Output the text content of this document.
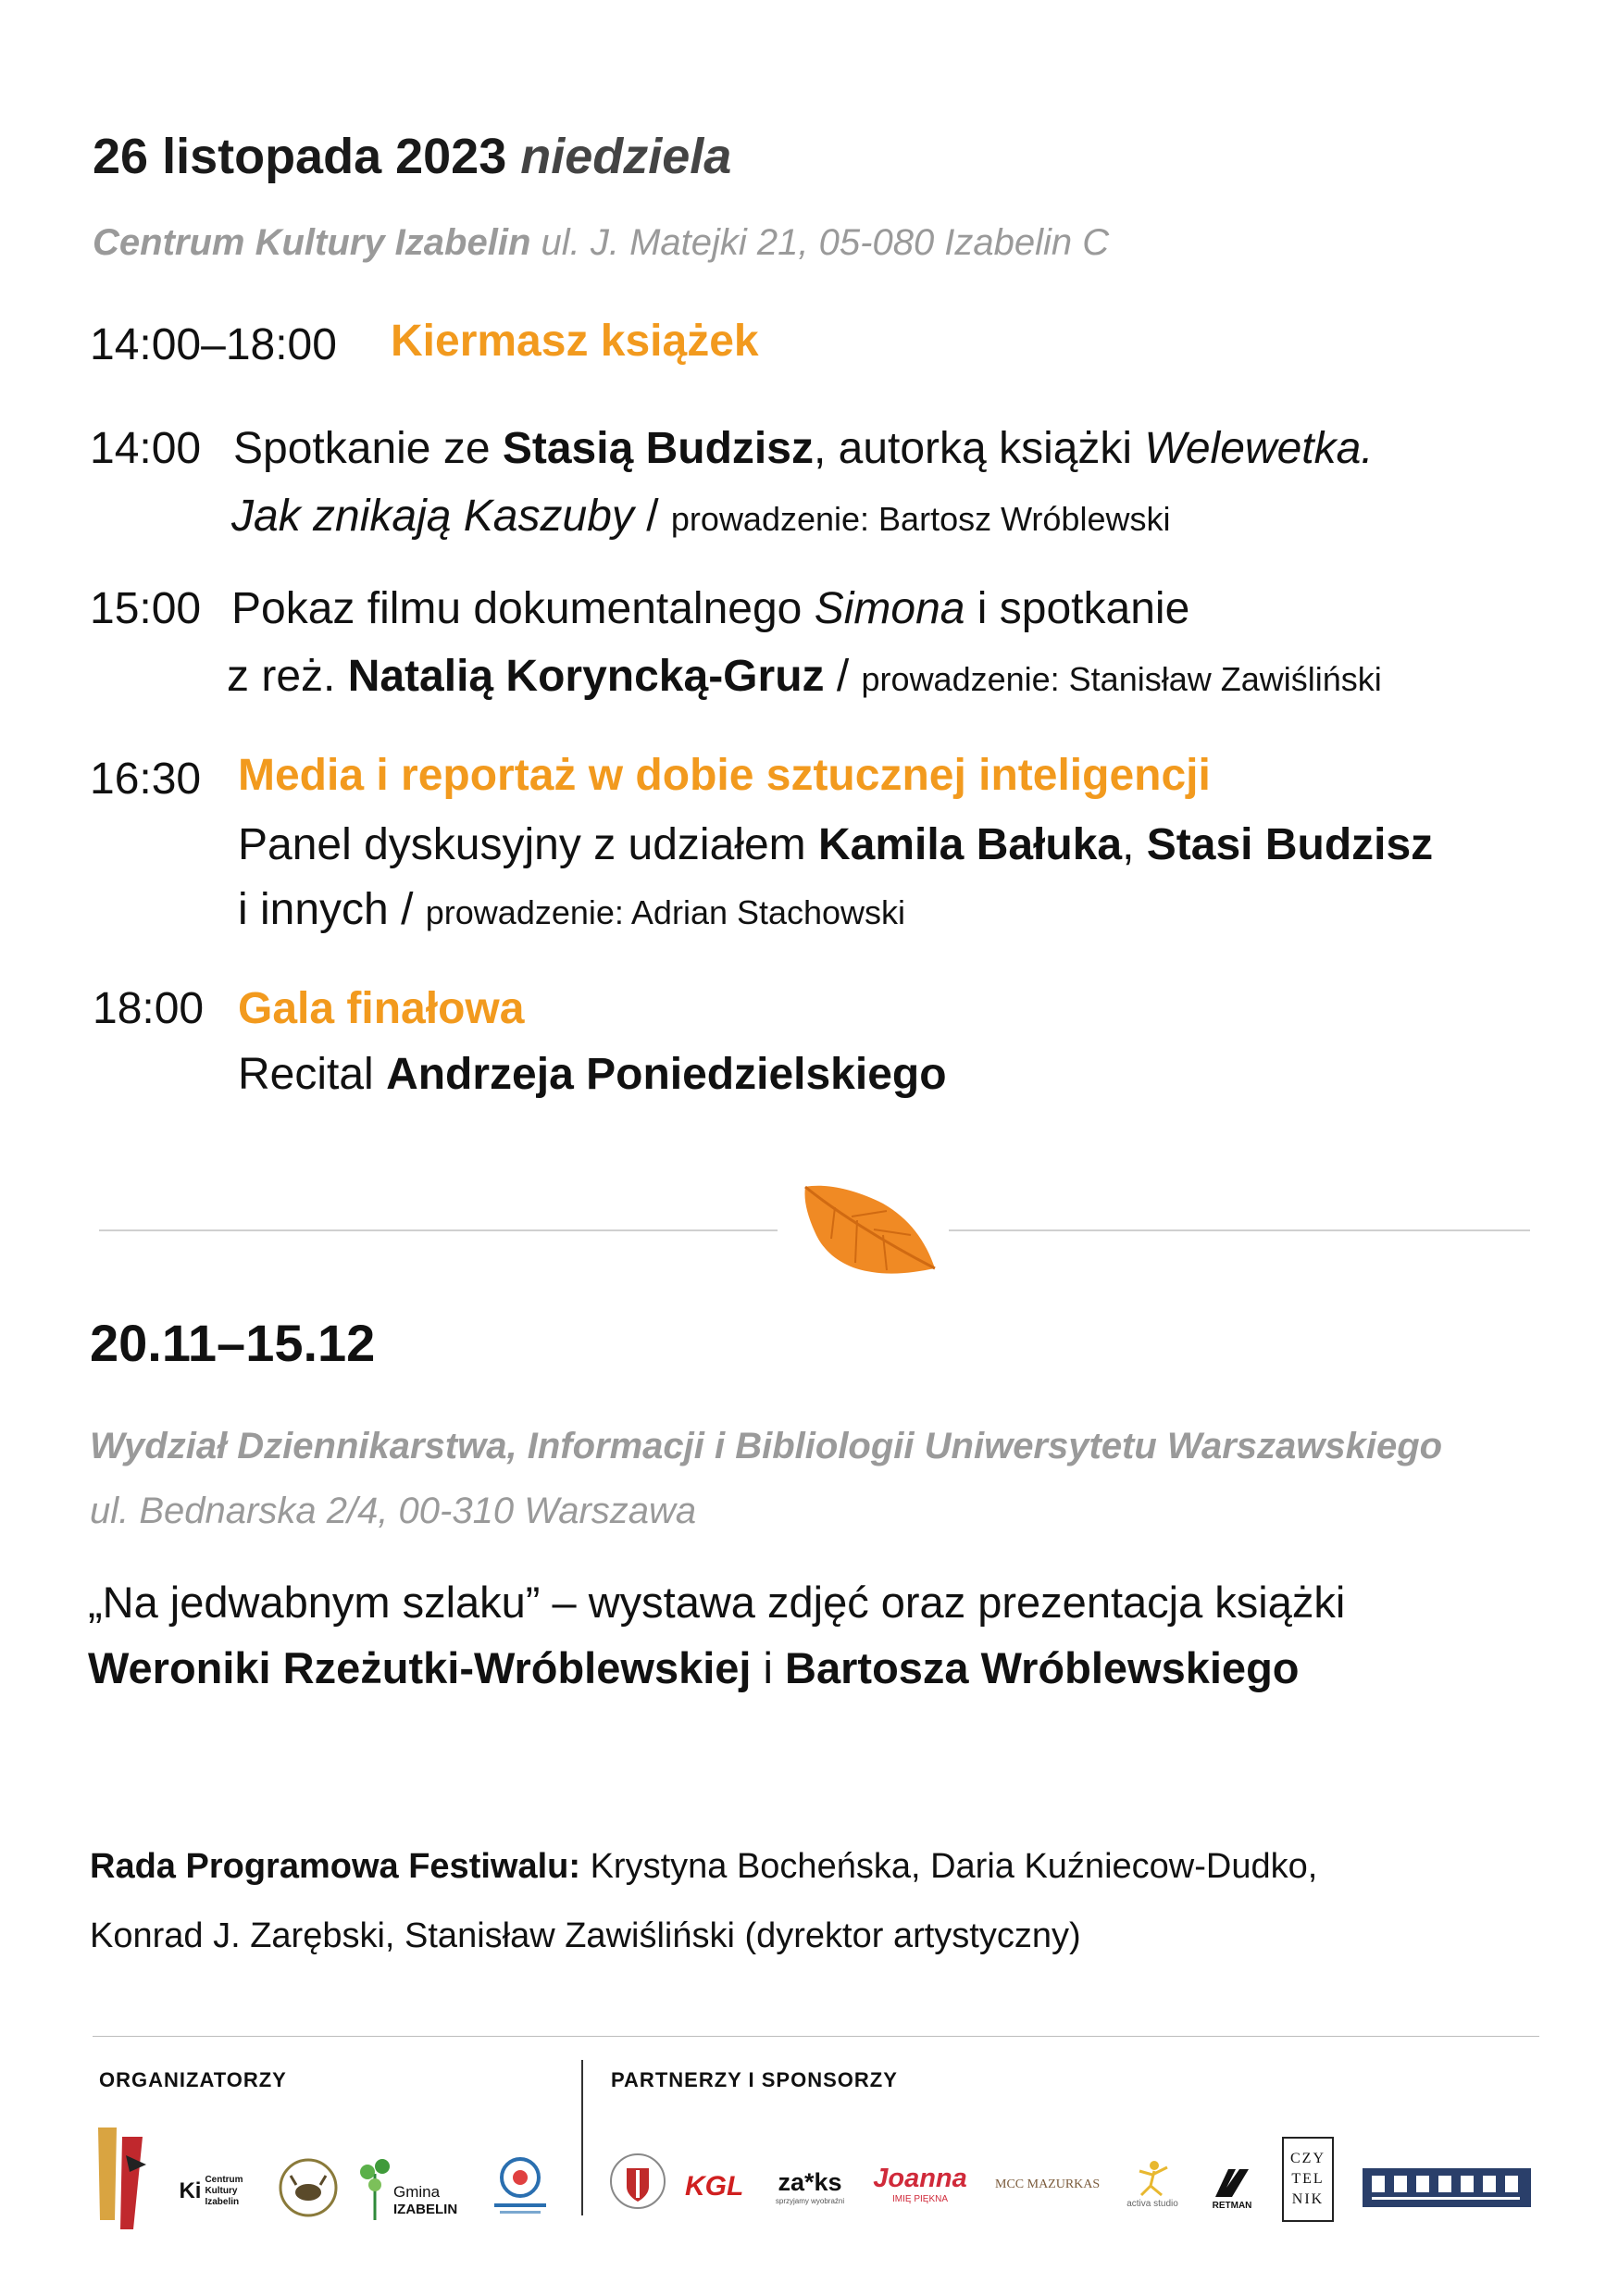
26 listopada 2023 niedziela
Centrum Kultury Izabelin ul. J. Matejki 21, 05-080 Izabelin C
14:00–18:00 Kiermasz książek
14:00 Spotkanie ze Stasią Budzisz, autorką książki Welewetka.
Jak znikają Kaszuby / prowadzenie: Bartosz Wróblewski
15:00 Pokaz filmu dokumentalnego Simona i spotkanie
z reż. Natalią Koryncką-Gruz / prowadzenie: Stanisław Zawiśliński
16:30 Media i reportaż w dobie sztucznej inteligencji
Panel dyskusyjny z udziałem Kamila Bałuka, Stasi Budzisz
i innych / prowadzenie: Adrian Stachowski
18:00 Gala finałowa
Recital Andrzeja Poniedzielskiego
20.11–15.12
Wydział Dziennikarstwa, Informacji i Bibliologii Uniwersytetu Warszawskiego
ul. Bednarska 2/4, 00-310 Warszawa
„Na jedwabnym szlaku” – wystawa zdjęć oraz prezentacja książki
Weroniki Rzeżutki-Wróblewskiej i Bartosza Wróblewskiego
Rada Programowa Festiwalu: Krystyna Bocheńska, Daria Kuźniecow-Dudko,
Konrad J. Zarębski, Stanisław Zawiśliński (dyrektor artystyczny)
ORGANIZATORZY	PARTNERZY I SPONSORZY
Ki Centrum
Kultury
Izabelin
Gmina
IZABELIN
KGL za*ks
sprzyjamy wyobraźni
Joanna
IMIĘ PIĘKNA
MCC MAZURKAS
activa studio	RETMAN
CZYTELNIK
